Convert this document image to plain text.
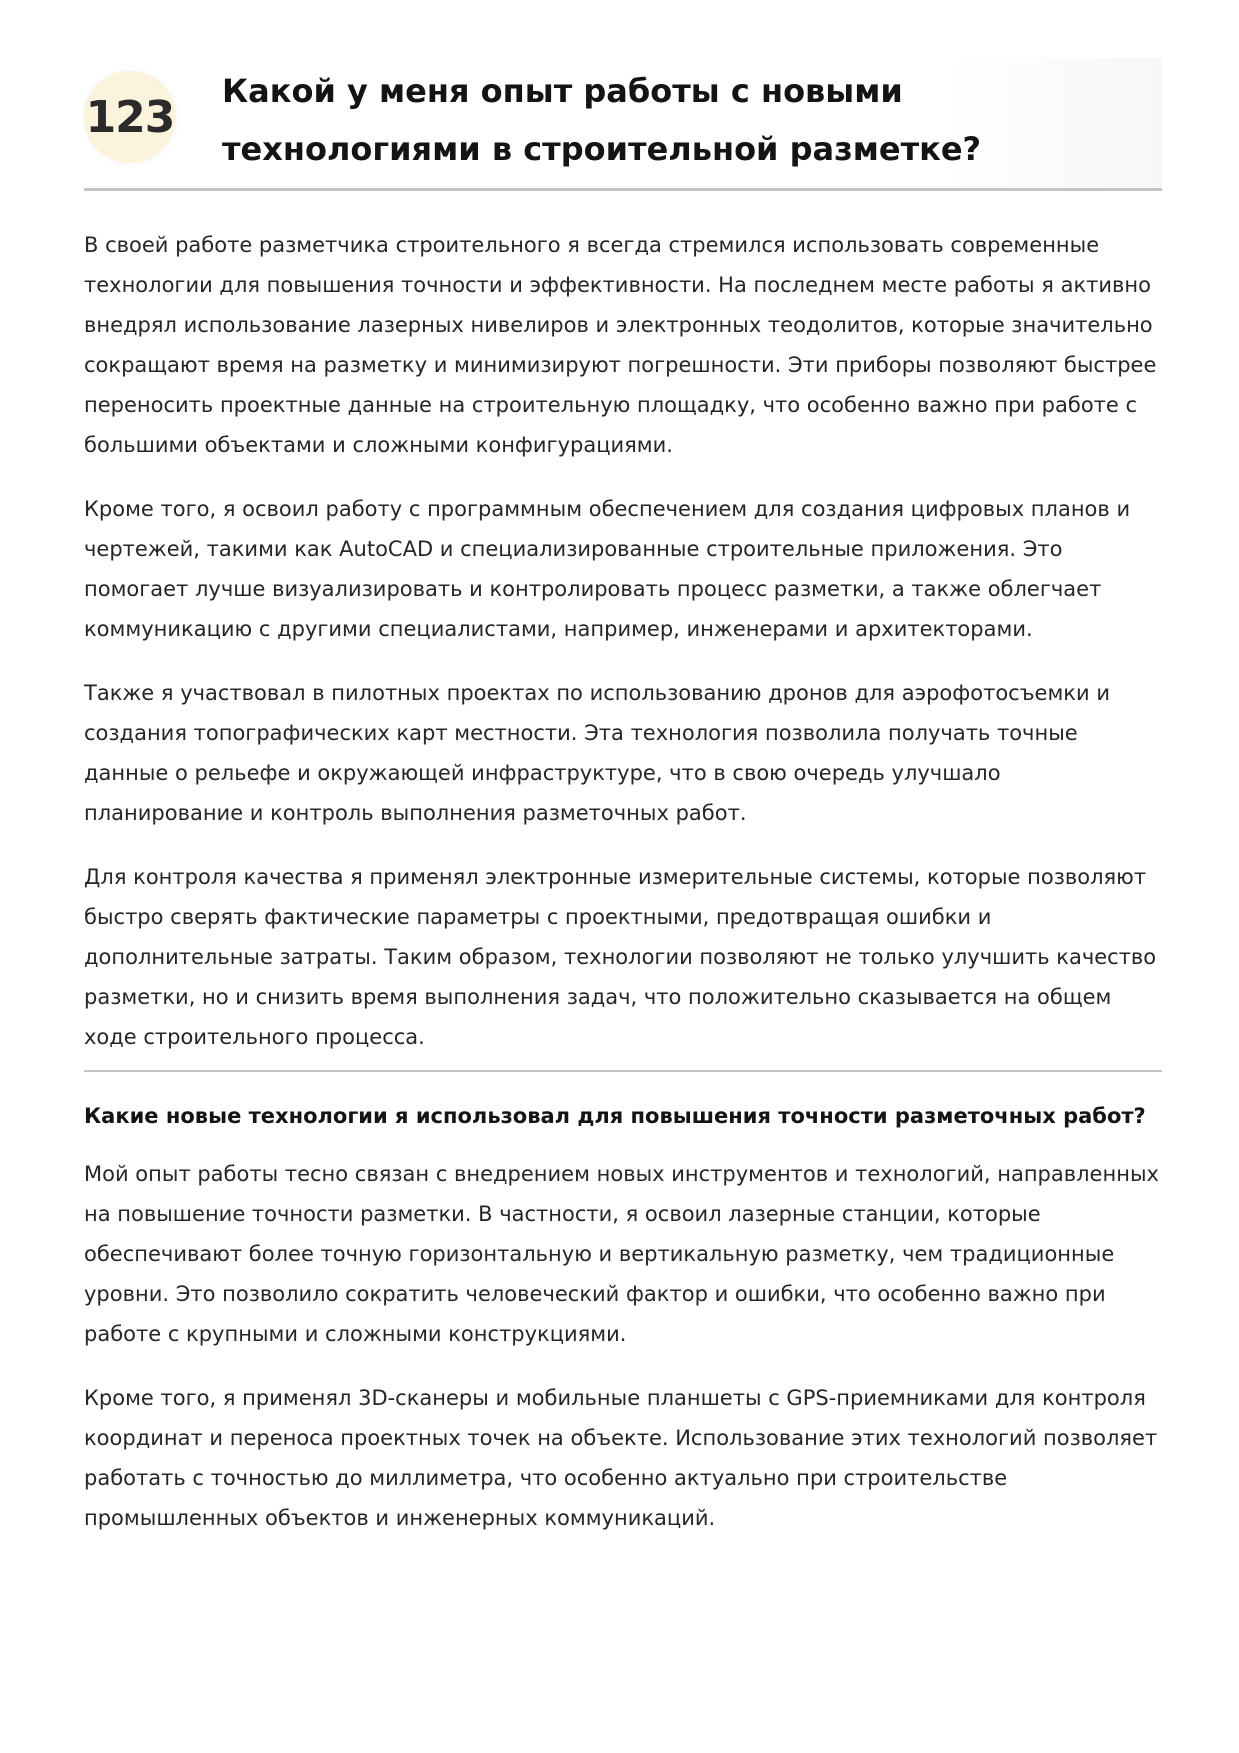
123
Какой у меня опыт работы с новыми технологиями в строительной разметке?

В своей работе разметчика строительного я всегда стремился использовать современные технологии для повышения точности и эффективности. На последнем месте работы я активно внедрял использование лазерных нивелиров и электронных теодолитов, которые значительно сокращают время на разметку и минимизируют погрешности. Эти приборы позволяют быстрее переносить проектные данные на строительную площадку, что особенно важно при работе с большими объектами и сложными конфигурациями.

Кроме того, я освоил работу с программным обеспечением для создания цифровых планов и чертежей, такими как AutoCAD и специализированные строительные приложения. Это помогает лучше визуализировать и контролировать процесс разметки, а также облегчает коммуникацию с другими специалистами, например, инженерами и архитекторами.

Также я участвовал в пилотных проектах по использованию дронов для аэрофотосъемки и создания топографических карт местности. Эта технология позволила получать точные данные о рельефе и окружающей инфраструктуре, что в свою очередь улучшало планирование и контроль выполнения разметочных работ.

Для контроля качества я применял электронные измерительные системы, которые позволяют быстро сверять фактические параметры с проектными, предотвращая ошибки и дополнительные затраты. Таким образом, технологии позволяют не только улучшить качество разметки, но и снизить время выполнения задач, что положительно сказывается на общем ходе строительного процесса.

Какие новые технологии я использовал для повышения точности разметочных работ?

Мой опыт работы тесно связан с внедрением новых инструментов и технологий, направленных на повышение точности разметки. В частности, я освоил лазерные станции, которые обеспечивают более точную горизонтальную и вертикальную разметку, чем традиционные уровни. Это позволило сократить человеческий фактор и ошибки, что особенно важно при работе с крупными и сложными конструкциями.

Кроме того, я применял 3D-сканеры и мобильные планшеты с GPS-приемниками для контроля координат и переноса проектных точек на объекте. Использование этих технологий позволяет работать с точностью до миллиметра, что особенно актуально при строительстве промышленных объектов и инженерных коммуникаций.
